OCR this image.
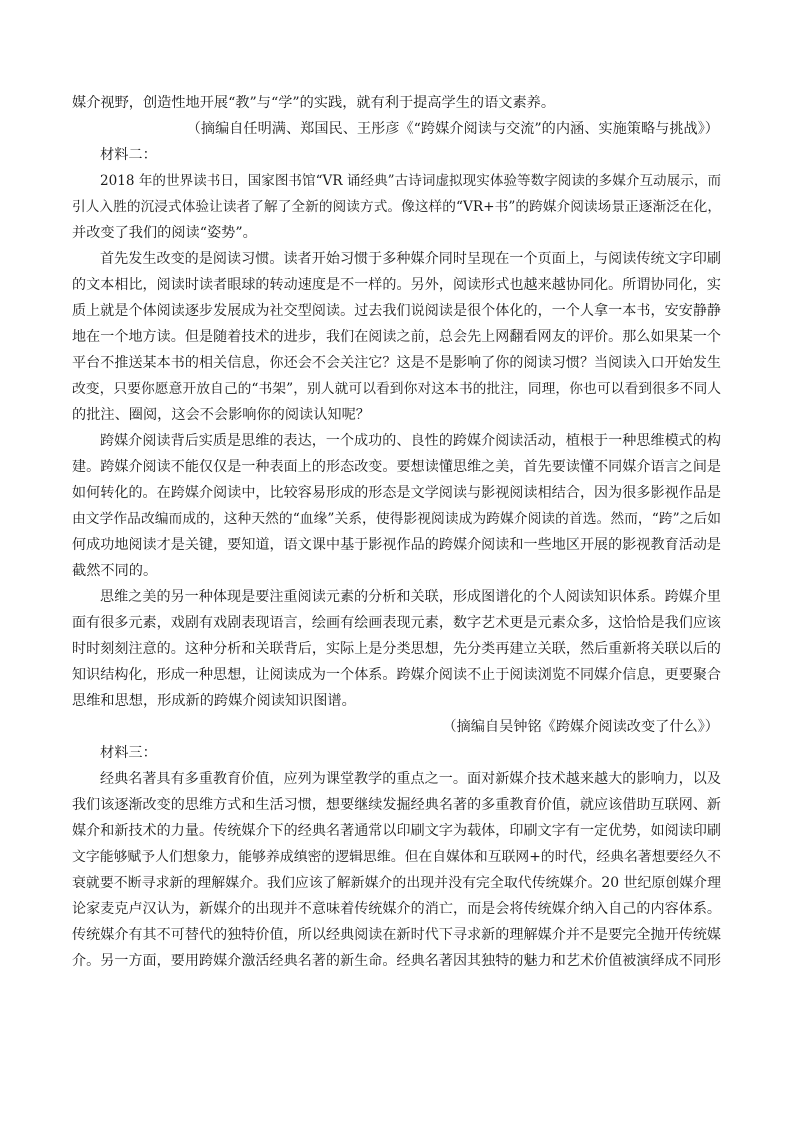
媒介视野，创造性地开展“教”与“学”的实践，就有利于提高学生的语文素养。
（摘编自任明满、郑国民、王彤彦《“跨媒介阅读与交流”的内涵、实施策略与挑战》）
材料二：
2018 年的世界读书日，国家图书馆“VR 诵经典”古诗词虚拟现实体验等数字阅读的多媒介互动展示，而
引人入胜的沉浸式体验让读者了解了全新的阅读方式。像这样的“VR+书”的跨媒介阅读场景正逐渐泛在化，
并改变了我们的阅读“姿势”。
首先发生改变的是阅读习惯。读者开始习惯于多种媒介同时呈现在一个页面上，与阅读传统文字印刷
的文本相比，阅读时读者眼球的转动速度是不一样的。另外，阅读形式也越来越协同化。所谓协同化，实
质上就是个体阅读逐步发展成为社交型阅读。过去我们说阅读是很个体化的，一个人拿一本书，安安静静
地在一个地方读。但是随着技术的进步，我们在阅读之前，总会先上网翻看网友的评价。那么如果某一个
平台不推送某本书的相关信息，你还会不会关注它？这是不是影响了你的阅读习惯？当阅读入口开始发生
改变，只要你愿意开放自己的“书架”，别人就可以看到你对这本书的批注，同理，你也可以看到很多不同人
的批注、圈阅，这会不会影响你的阅读认知呢？
跨媒介阅读背后实质是思维的表达，一个成功的、良性的跨媒介阅读活动，植根于一种思维模式的构
建。跨媒介阅读不能仅仅是一种表面上的形态改变。要想读懂思维之美，首先要读懂不同媒介语言之间是
如何转化的。在跨媒介阅读中，比较容易形成的形态是文学阅读与影视阅读相结合，因为很多影视作品是
由文学作品改编而成的，这种天然的“血缘”关系，使得影视阅读成为跨媒介阅读的首选。然而，“跨”之后如
何成功地阅读才是关键，要知道，语文课中基于影视作品的跨媒介阅读和一些地区开展的影视教育活动是
截然不同的。
思维之美的另一种体现是要注重阅读元素的分析和关联，形成图谱化的个人阅读知识体系。跨媒介里
面有很多元素，戏剧有戏剧表现语言，绘画有绘画表现元素，数字艺术更是元素众多，这恰恰是我们应该
时时刻刻注意的。这种分析和关联背后，实际上是分类思想，先分类再建立关联，然后重新将关联以后的
知识结构化，形成一种思想，让阅读成为一个体系。跨媒介阅读不止于阅读浏览不同媒介信息，更要聚合
思维和思想，形成新的跨媒介阅读知识图谱。
（摘编自吴钟铭《跨媒介阅读改变了什么》）
材料三：
经典名著具有多重教育价值，应列为课堂教学的重点之一。面对新媒介技术越来越大的影响力，以及
我们该逐渐改变的思维方式和生活习惯，想要继续发掘经典名著的多重教育价值，就应该借助互联网、新
媒介和新技术的力量。传统媒介下的经典名著通常以印刷文字为载体，印刷文字有一定优势，如阅读印刷
文字能够赋予人们想象力，能够养成缜密的逻辑思维。但在自媒体和互联网+的时代，经典名著想要经久不
衰就要不断寻求新的理解媒介。我们应该了解新媒介的出现并没有完全取代传统媒介。20 世纪原创媒介理
论家麦克卢汉认为，新媒介的出现并不意味着传统媒介的消亡，而是会将传统媒介纳入自己的内容体系。
传统媒介有其不可替代的独特价值，所以经典阅读在新时代下寻求新的理解媒介并不是要完全抛开传统媒
介。另一方面，要用跨媒介激活经典名著的新生命。经典名著因其独特的魅力和艺术价值被演绎成不同形
